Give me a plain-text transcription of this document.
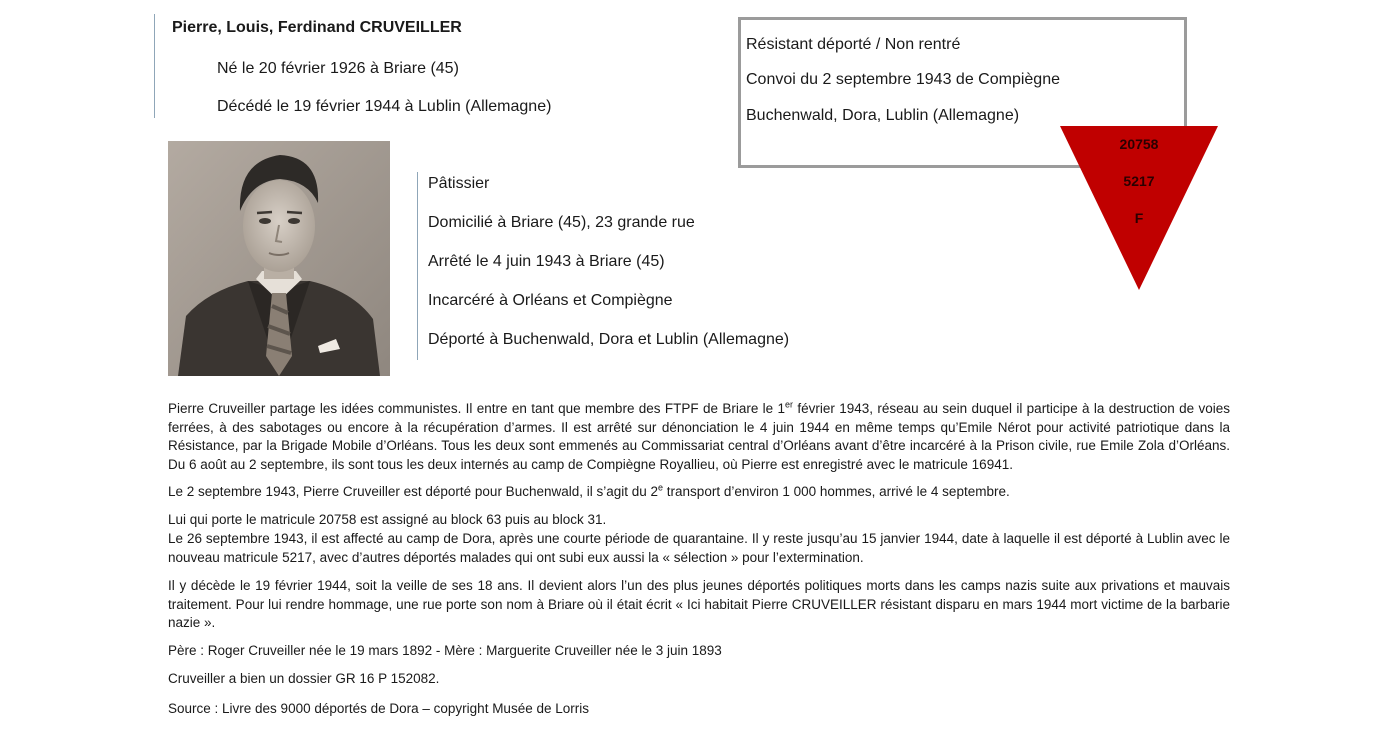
Pierre, Louis, Ferdinand CRUVEILLER
Né le 20 février 1926 à Briare (45)
Décédé le 19 février 1944 à Lublin (Allemagne)
Résistant déporté / Non rentré
Convoi du 2 septembre 1943 de Compiègne
Buchenwald, Dora, Lublin (Allemagne)
20758
5217
F
Pâtissier
Domicilié à Briare (45), 23 grande rue
Arrêté le 4 juin 1943 à Briare (45)
Incarcéré à Orléans et Compiègne
Déporté à Buchenwald, Dora et Lublin (Allemagne)

Pierre Cruveiller partage les idées communistes. Il entre en tant que membre des FTPF de Briare le 1er février 1943, réseau au sein duquel il participe à la destruction de voies ferrées, à des sabotages ou encore à la récupération d’armes. Il est arrêté sur dénonciation le 4 juin 1944 en même temps qu’Emile Nérot pour activité patriotique dans la Résistance, par la Brigade Mobile d’Orléans. Tous les deux sont emmenés au Commissariat central d’Orléans avant d’être incarcéré à la Prison civile, rue Emile Zola d’Orléans. Du 6 août au 2 septembre, ils sont tous les deux internés au camp de Compiègne Royallieu, où Pierre est enregistré avec le matricule 16941.

Le 2 septembre 1943, Pierre Cruveiller est déporté pour Buchenwald, il s’agit du 2e transport d’environ 1 000 hommes, arrivé le 4 septembre.

Lui qui porte le matricule 20758 est assigné au block 63 puis au block 31.

Le 26 septembre 1943, il est affecté au camp de Dora, après une courte période de quarantaine. Il y reste jusqu’au 15 janvier 1944, date à laquelle il est déporté à Lublin avec le nouveau matricule 5217, avec d’autres déportés malades qui ont subi eux aussi la « sélection » pour l’extermination.

Il y décède le 19 février 1944, soit la veille de ses 18 ans. Il devient alors l’un des plus jeunes déportés politiques morts dans les camps nazis suite aux privations et mauvais traitement. Pour lui rendre hommage, une rue porte son nom à Briare où il était écrit « Ici habitait Pierre CRUVEILLER résistant disparu en mars 1944 mort victime de la barbarie nazie ».

Père : Roger Cruveiller née le 19 mars 1892 - Mère : Marguerite Cruveiller née le 3 juin 1893

Cruveiller a bien un dossier GR 16 P 152082.

Source : Livre des 9000 déportés de Dora – copyright Musée de Lorris
